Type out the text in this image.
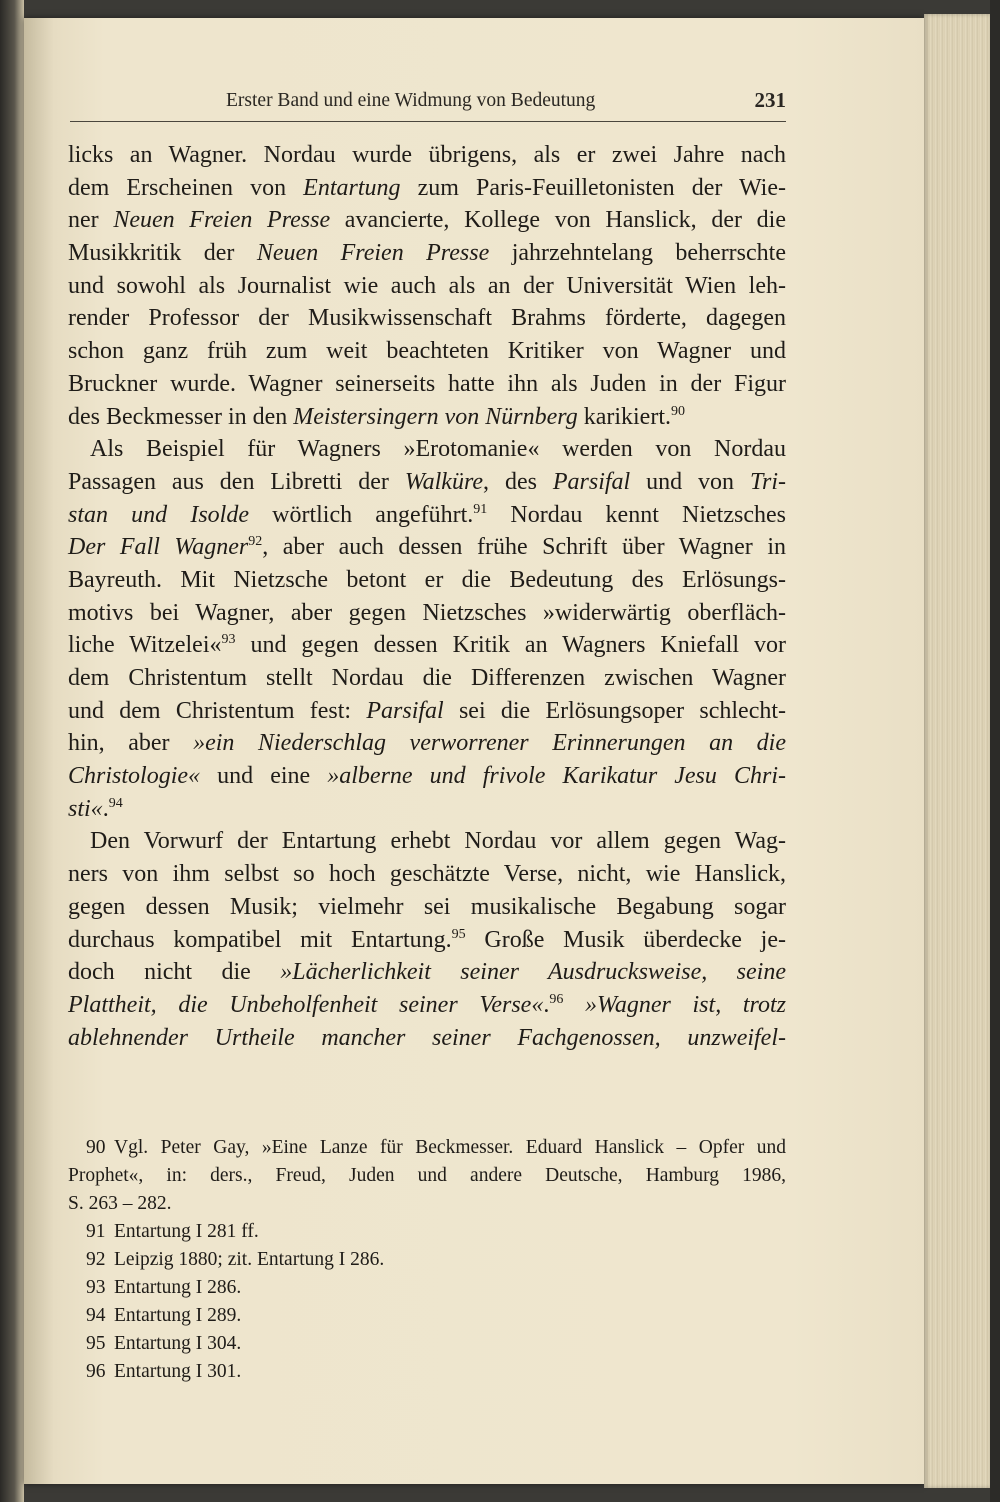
Erster Band und eine Widmung von Bedeutung	231
licks an Wagner. Nordau wurde übrigens, als er zwei Jahre nach
dem Erscheinen von Entartung zum Paris-Feuilletonisten der Wie-
ner Neuen Freien Presse avancierte, Kollege von Hanslick, der die
Musikkritik der Neuen Freien Presse jahrzehntelang beherrschte
und sowohl als Journalist wie auch als an der Universität Wien leh-
render Professor der Musikwissenschaft Brahms förderte, dagegen
schon ganz früh zum weit beachteten Kritiker von Wagner und
Bruckner wurde. Wagner seinerseits hatte ihn als Juden in der Figur
des Beckmesser in den Meistersingern von Nürnberg karikiert.$^{90}$
Als Beispiel für Wagners »Erotomanie« werden von Nordau
Passagen aus den Libretti der Walküre, des Parsifal und von Tri-
stan und Isolde wörtlich angeführt.$^{91}$ Nordau kennt Nietzsches
Der Fall Wagner$^{92}$, aber auch dessen frühe Schrift über Wagner in
Bayreuth. Mit Nietzsche betont er die Bedeutung des Erlösungs-
motivs bei Wagner, aber gegen Nietzsches »widerwärtig oberfläch-
liche Witzelei«$^{93}$ und gegen dessen Kritik an Wagners Kniefall vor
dem Christentum stellt Nordau die Differenzen zwischen Wagner
und dem Christentum fest: Parsifal sei die Erlösungsoper schlecht-
hin, aber »ein Niederschlag verworrener Erinnerungen an die
Christologie« und eine »alberne und frivole Karikatur Jesu Chri-
sti«.$^{94}$
Den Vorwurf der Entartung erhebt Nordau vor allem gegen Wag-
ners von ihm selbst so hoch geschätzte Verse, nicht, wie Hanslick,
gegen dessen Musik; vielmehr sei musikalische Begabung sogar
durchaus kompatibel mit Entartung.$^{95}$ Große Musik überdecke je-
doch nicht die »Lächerlichkeit seiner Ausdrucksweise, seine
Plattheit, die Unbeholfenheit seiner Verse«.$^{96}$ »Wagner ist, trotz
ablehnender Urtheile mancher seiner Fachgenossen, unzweifel-
90 Vgl. Peter Gay, »Eine Lanze für Beckmesser. Eduard Hanslick – Opfer und
Prophet«, in: ders., Freud, Juden und andere Deutsche, Hamburg 1986,
S. 263 – 282.
91 Entartung I 281 ff.
92 Leipzig 1880; zit. Entartung I 286.
93 Entartung I 286.
94 Entartung I 289.
95 Entartung I 304.
96 Entartung I 301.
